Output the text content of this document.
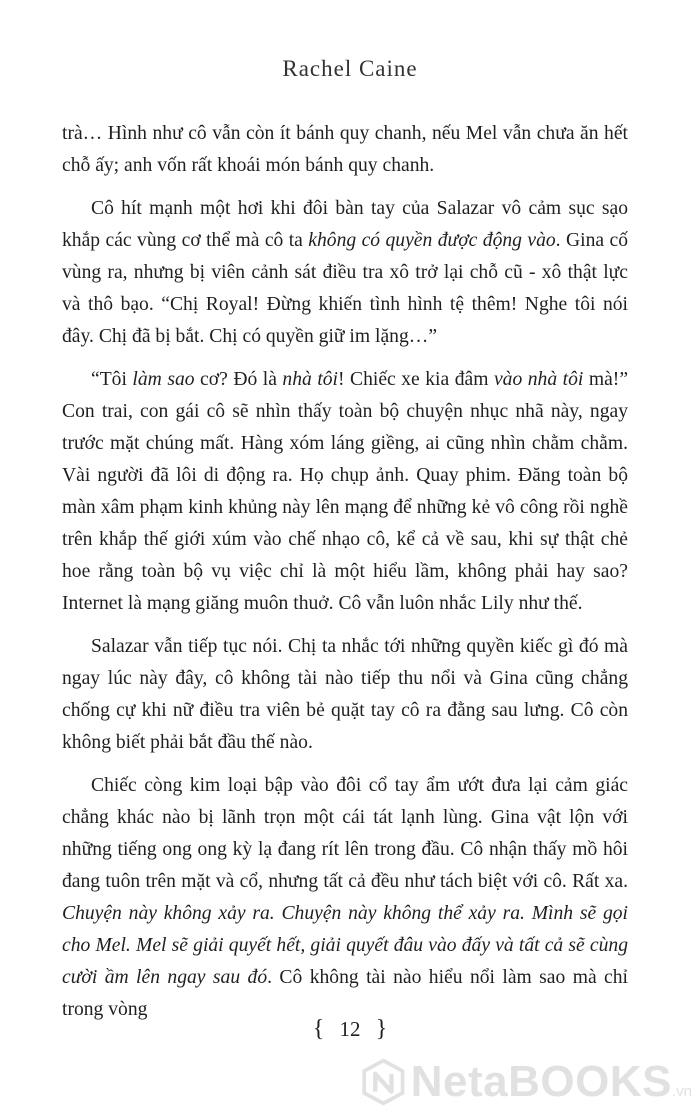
Rachel Caine

trà… Hình như cô vẫn còn ít bánh quy chanh, nếu Mel vẫn chưa ăn hết chỗ ấy; anh vốn rất khoái món bánh quy chanh.

Cô hít mạnh một hơi khi đôi bàn tay của Salazar vô cảm sục sạo khắp các vùng cơ thể mà cô ta không có quyền được động vào. Gina cố vùng ra, nhưng bị viên cảnh sát điều tra xô trở lại chỗ cũ - xô thật lực và thô bạo. “Chị Royal! Đừng khiến tình hình tệ thêm! Nghe tôi nói đây. Chị đã bị bắt. Chị có quyền giữ im lặng…”

“Tôi làm sao cơ? Đó là nhà tôi! Chiếc xe kia đâm vào nhà tôi mà!” Con trai, con gái cô sẽ nhìn thấy toàn bộ chuyện nhục nhã này, ngay trước mặt chúng mất. Hàng xóm láng giềng, ai cũng nhìn chằm chằm. Vài người đã lôi di động ra. Họ chụp ảnh. Quay phim. Đăng toàn bộ màn xâm phạm kinh khủng này lên mạng để những kẻ vô công rồi nghề trên khắp thế giới xúm vào chế nhạo cô, kể cả về sau, khi sự thật chẻ hoe rằng toàn bộ vụ việc chỉ là một hiểu lầm, không phải hay sao? Internet là mạng giăng muôn thuở. Cô vẫn luôn nhắc Lily như thế.

Salazar vẫn tiếp tục nói. Chị ta nhắc tới những quyền kiếc gì đó mà ngay lúc này đây, cô không tài nào tiếp thu nổi và Gina cũng chẳng chống cự khi nữ điều tra viên bẻ quặt tay cô ra đằng sau lưng. Cô còn không biết phải bắt đầu thế nào.

Chiếc còng kim loại bập vào đôi cổ tay ẩm ướt đưa lại cảm giác chẳng khác nào bị lãnh trọn một cái tát lạnh lùng. Gina vật lộn với những tiếng ong ong kỳ lạ đang rít lên trong đầu. Cô nhận thấy mồ hôi đang tuôn trên mặt và cổ, nhưng tất cả đều như tách biệt với cô. Rất xa. Chuyện này không xảy ra. Chuyện này không thể xảy ra. Mình sẽ gọi cho Mel. Mel sẽ giải quyết hết, giải quyết đâu vào đấy và tất cả sẽ cùng cười ầm lên ngay sau đó. Cô không tài nào hiểu nổi làm sao mà chỉ trong vòng

{ 12 }
NetaBOOKS .vn
